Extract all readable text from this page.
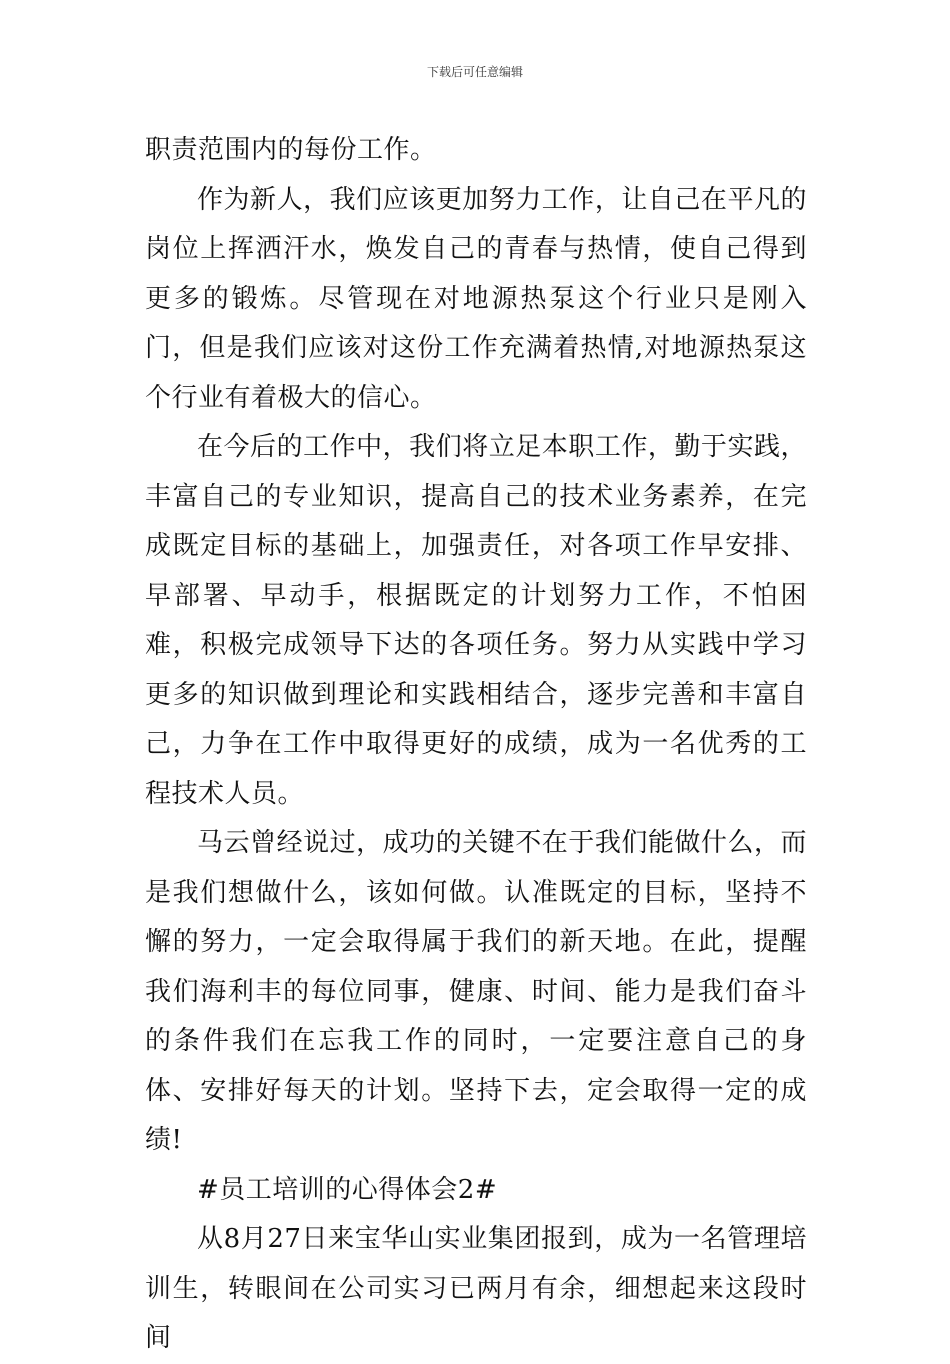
下载后可任意编辑

职责范围内的每份工作。

作为新人，我们应该更加努力工作，让自己在平凡的岗位上挥洒汗水，焕发自己的青春与热情，使自己得到更多的锻炼。尽管现在对地源热泵这个行业只是刚入门，但是我们应该对这份工作充满着热情,对地源热泵这个行业有着极大的信心。

在今后的工作中，我们将立足本职工作，勤于实践，丰富自己的专业知识，提高自己的技术业务素养，在完成既定目标的基础上，加强责任，对各项工作早安排、早部署、早动手，根据既定的计划努力工作，不怕困难，积极完成领导下达的各项任务。努力从实践中学习更多的知识做到理论和实践相结合，逐步完善和丰富自己，力争在工作中取得更好的成绩，成为一名优秀的工程技术人员。

马云曾经说过，成功的关键不在于我们能做什么，而是我们想做什么，该如何做。认准既定的目标，坚持不懈的努力，一定会取得属于我们的新天地。在此，提醒我们海利丰的每位同事，健康、时间、能力是我们奋斗的条件我们在忘我工作的同时，一定要注意自己的身体、安排好每天的计划。坚持下去，定会取得一定的成绩!

#员工培训的心得体会2#

从8月27日来宝华山实业集团报到，成为一名管理培训生，转眼间在公司实习已两月有余，细想起来这段时间
